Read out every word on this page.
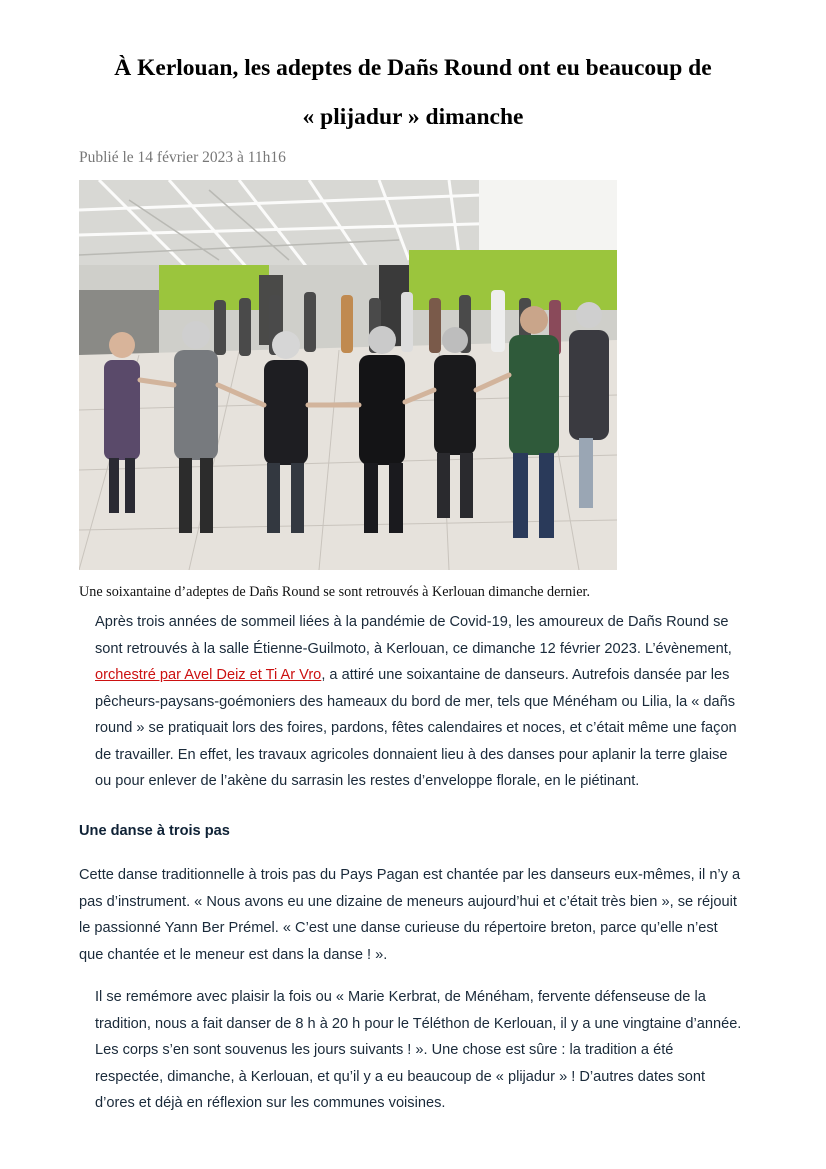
À Kerlouan, les adeptes de Dañs Round ont eu beaucoup de
« plijadur » dimanche
Publié le 14 février 2023 à 11h16
Une soixantaine d’adeptes de Dañs Round se sont retrouvés à Kerlouan dimanche dernier.

Après trois années de sommeil liées à la pandémie de Covid-19, les amoureux de Dañs Round se sont retrouvés à la salle Étienne-Guilmoto, à Kerlouan, ce dimanche 12 février 2023. L’évènement, orchestré par Avel Deiz et Ti Ar Vro, a attiré une soixantaine de danseurs. Autrefois dansée par les pêcheurs-paysans-goémoniers des hameaux du bord de mer, tels que Ménéham ou Lilia, la « dañs round » se pratiquait lors des foires, pardons, fêtes calendaires et noces, et c’était même une façon de travailler. En effet, les travaux agricoles donnaient lieu à des danses pour aplanir la terre glaise ou pour enlever de l’akène du sarrasin les restes d’enveloppe florale, en le piétinant.

Une danse à trois pas

Cette danse traditionnelle à trois pas du Pays Pagan est chantée par les danseurs eux-mêmes, il n’y a pas d’instrument. « Nous avons eu une dizaine de meneurs aujourd’hui et c’était très bien », se réjouit le passionné Yann Ber Prémel. « C’est une danse curieuse du répertoire breton, parce qu’elle n’est que chantée et le meneur est dans la danse ! ».

Il se remémore avec plaisir la fois ou « Marie Kerbrat, de Ménéham, fervente défenseuse de la tradition, nous a fait danser de 8 h à 20 h pour le Téléthon de Kerlouan, il y a une vingtaine d’année. Les corps s’en sont souvenus les jours suivants ! ». Une chose est sûre : la tradition a été respectée, dimanche, à Kerlouan, et qu’il y a eu beaucoup de « plijadur » ! D’autres dates sont d’ores et déjà en réflexion sur les communes voisines.
